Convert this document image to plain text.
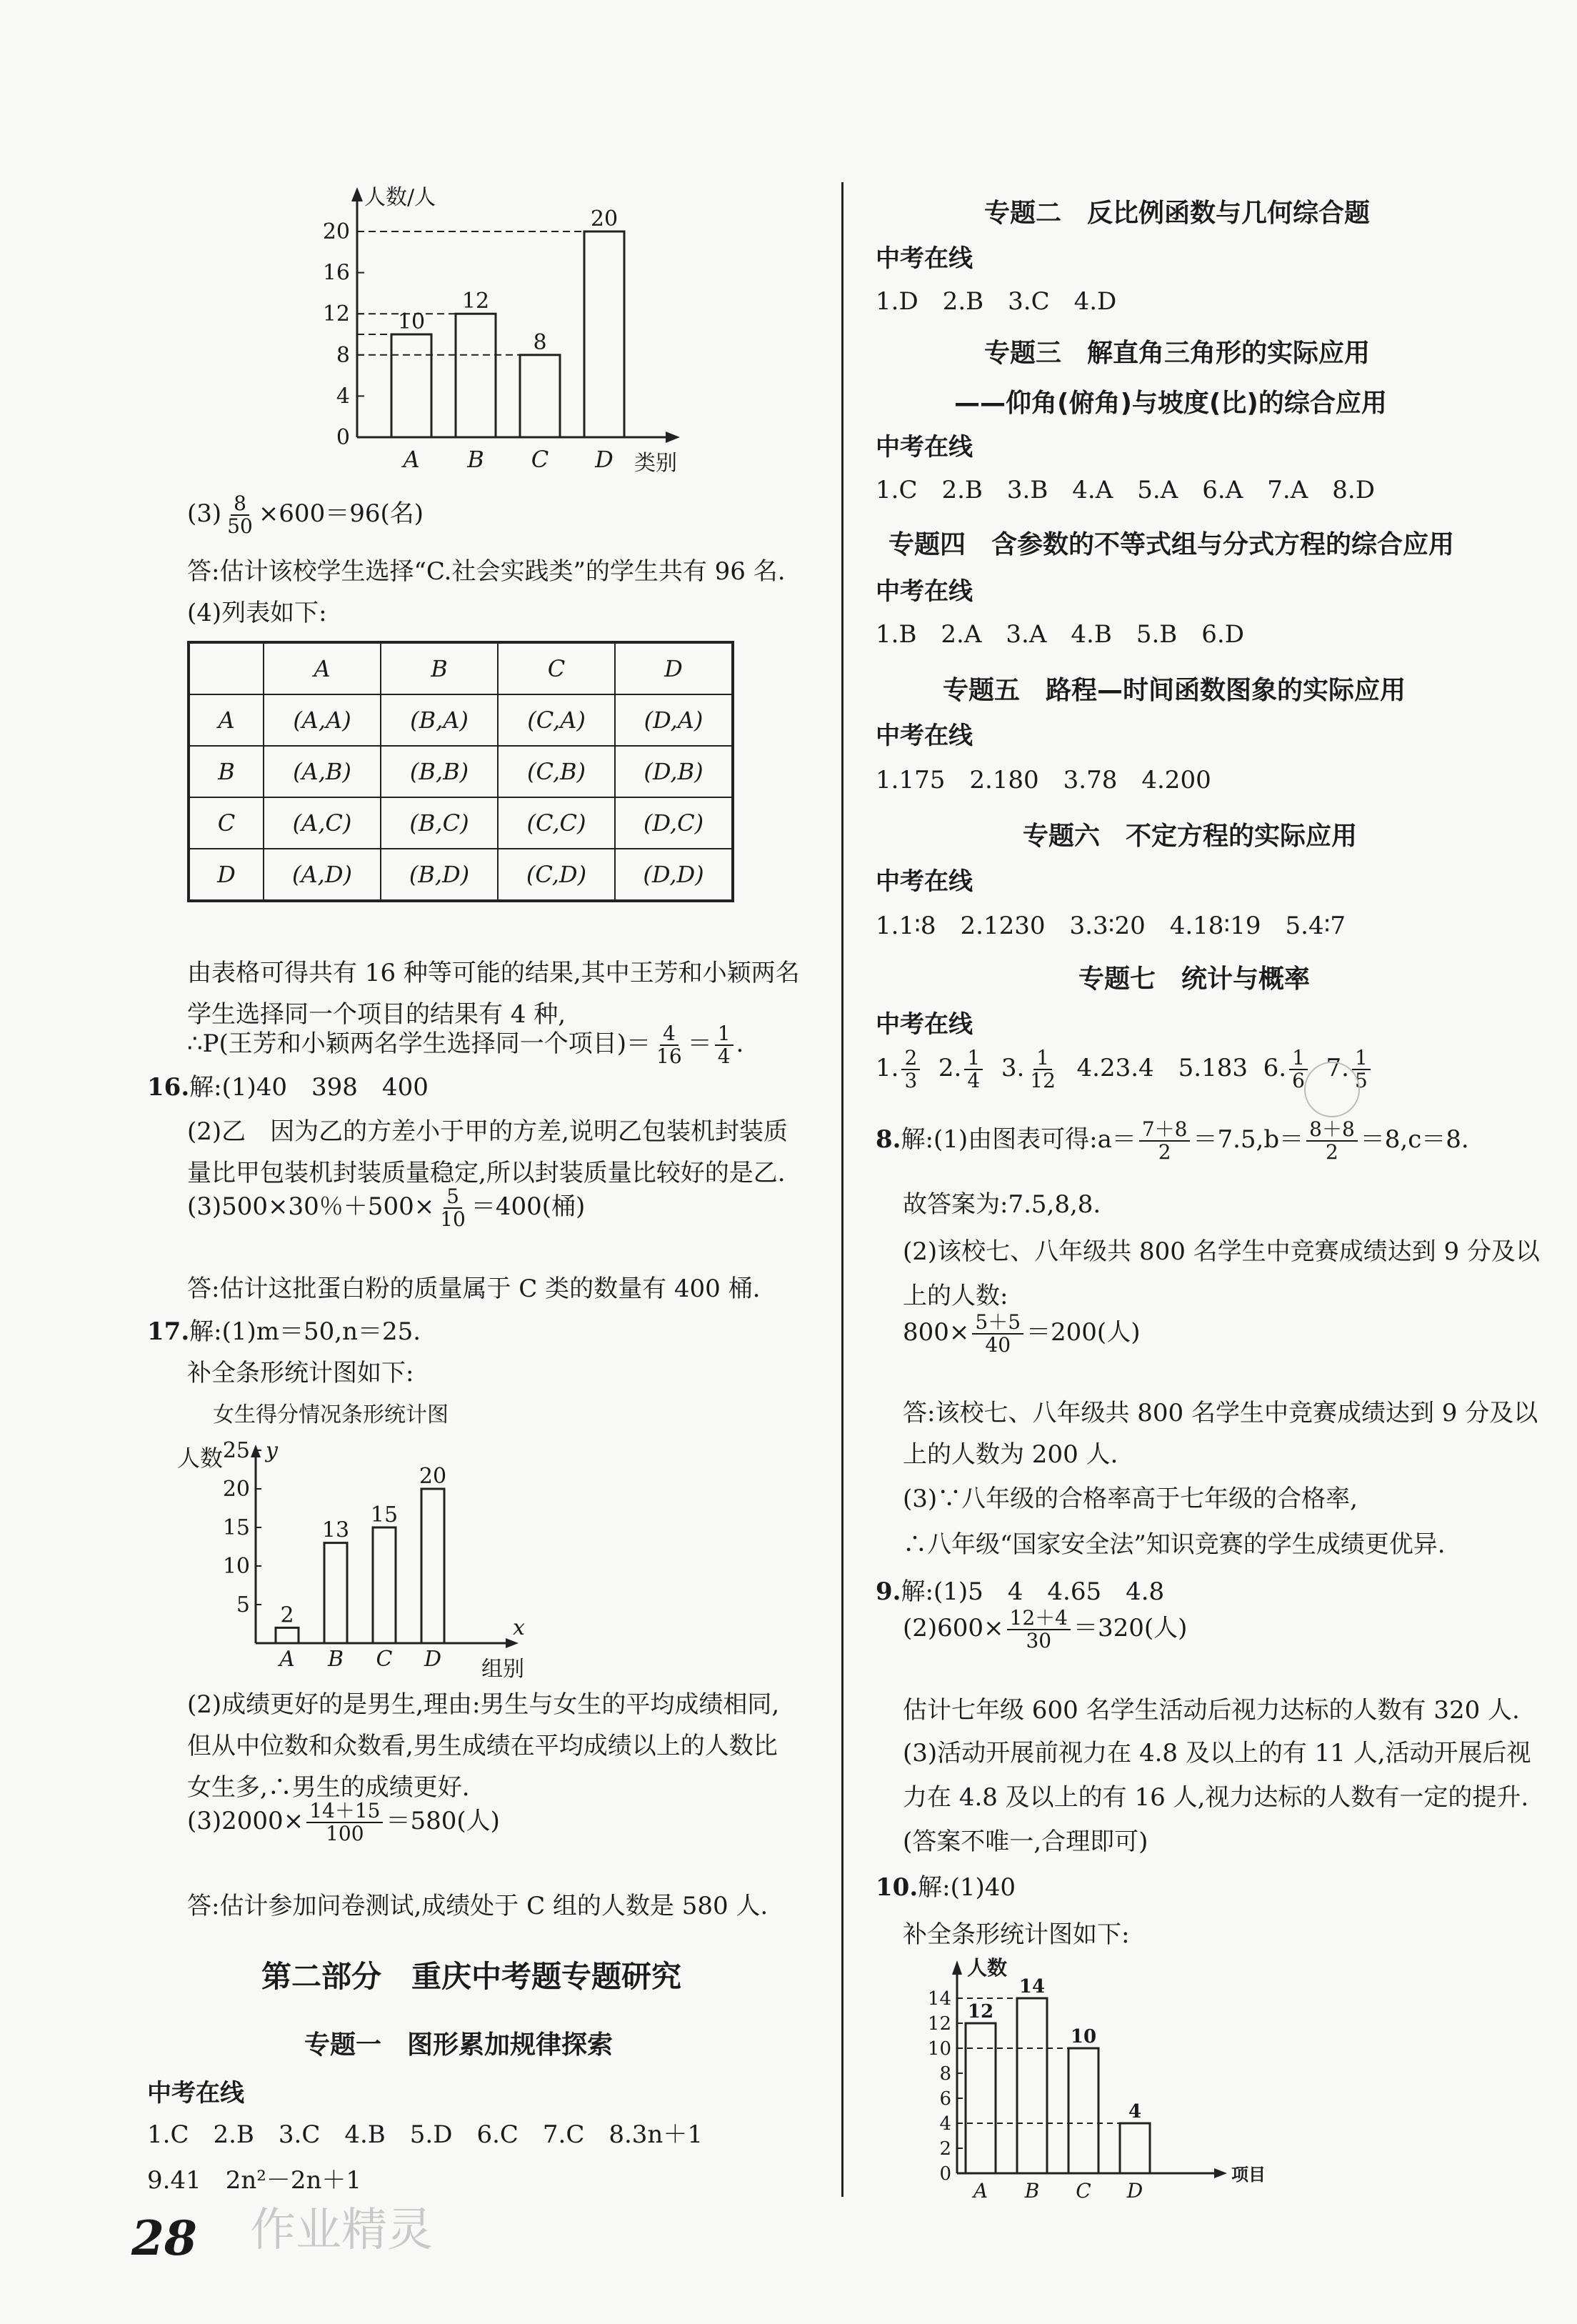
人数/人
类别
0
4
8
12
16
20
10
A
12
B
8
C
20
D
$(3) \frac{8}{50} \times 600=96$(名)
答:估计该校学生选择“C.社会实践类”的学生共有 96 名.
(4)列表如下:
	A	B	C	D
A	(A,A)	(B,A)	(C,A)	(D,A)
B	(A,B)	(B,B)	(C,B)	(D,B)
C	(A,C)	(B,C)	(C,C)	(D,C)
D	(A,D)	(B,D)	(C,D)	(D,D)
由表格可得共有 16 种等可能的结果,其中王芳和小颖两名
学生选择同一个项目的结果有 4 种,
∴P(王芳和小颖两名学生选择同一个项目)＝ $\frac{4}{16} = \frac{1}{4}$ .
16.解:(1)40　398　400
(2)乙　因为乙的方差小于甲的方差,说明乙包装机封装质
量比甲包装机封装质量稳定,所以封装质量比较好的是乙.
(3)500×30％$+500\times \frac{5}{10} =400$(桶)
答:估计这批蛋白粉的质量属于 C 类的数量有 400 桶.
17.解:(1)m＝50,n＝25.
补全条形统计图如下:
女生得分情况条形统计图
人数 y
x
组别
5
10
15
20
25
2
A
13
B
15
C
20
D
(2)成绩更好的是男生,理由:男生与女生的平均成绩相同,
但从中位数和众数看,男生成绩在平均成绩以上的人数比
女生多,∴男生的成绩更好.
$(3)2000\times \frac{14+15}{100} =580$(人)
答:估计参加问卷测试,成绩处于 C 组的人数是 580 人.
第二部分　重庆中考题专题研究
专题一　图形累加规律探索
中考在线
1.C　2.B　3.C　4.B　5.D　6.C　7.C　8.3n＋1
9.41　2n²－2n＋1
28 作业精灵
专题二　反比例函数与几何综合题
中考在线
1.D　2.B　3.C　4.D
专题三　解直角三角形的实际应用
——仰角(俯角)与坡度(比)的综合应用
中考在线
1.C　2.B　3.B　4.A　5.A　6.A　7.A　8.D
专题四　含参数的不等式组与分式方程的综合应用
中考在线
1.B　2.A　3.A　4.B　5.B　6.D
专题五　路程—时间函数图象的实际应用
中考在线
1.175　2.180　3.78　4.200
专题六　不定方程的实际应用
中考在线
1.1∶8　2.1230　3.3∶20　4.18∶19　5.4∶7
专题七　统计与概率
中考在线
1. $\frac{2}{3} 2$. $\frac{1}{4} 3$. $\frac{1}{12} 4.23.4$　5.183 6. $\frac{1}{6} 7$. $\frac{1}{5}$
8.解:(1)由图表可得:a＝ $\frac{7+8}{2} =7.5,b= \frac{8+8}{2} =8,c=8$.
故答案为:7.5,8,8.
(2)该校七、八年级共 800 名学生中竞赛成绩达到 9 分及以
上的人数:
$800\times \frac{5+5}{40} =200$(人)
答:该校七、八年级共 800 名学生中竞赛成绩达到 9 分及以
上的人数为 200 人.
(3)∵八年级的合格率高于七年级的合格率,
∴八年级“国家安全法”知识竞赛的学生成绩更优异.
9.解:(1)5　4　4.65　4.8
$(2)600\times \frac{12+4}{30} =320$(人)
估计七年级 600 名学生活动后视力达标的人数有 320 人.
(3)活动开展前视力在 4.8 及以上的有 11 人,活动开展后视
力在 4.8 及以上的有 16 人,视力达标的人数有一定的提升.
(答案不唯一,合理即可)
10.解:(1)40
补全条形统计图如下:
人数
项目
0
2
4
6
8
10
12
14
12
A
14
B
10
C
4
D
